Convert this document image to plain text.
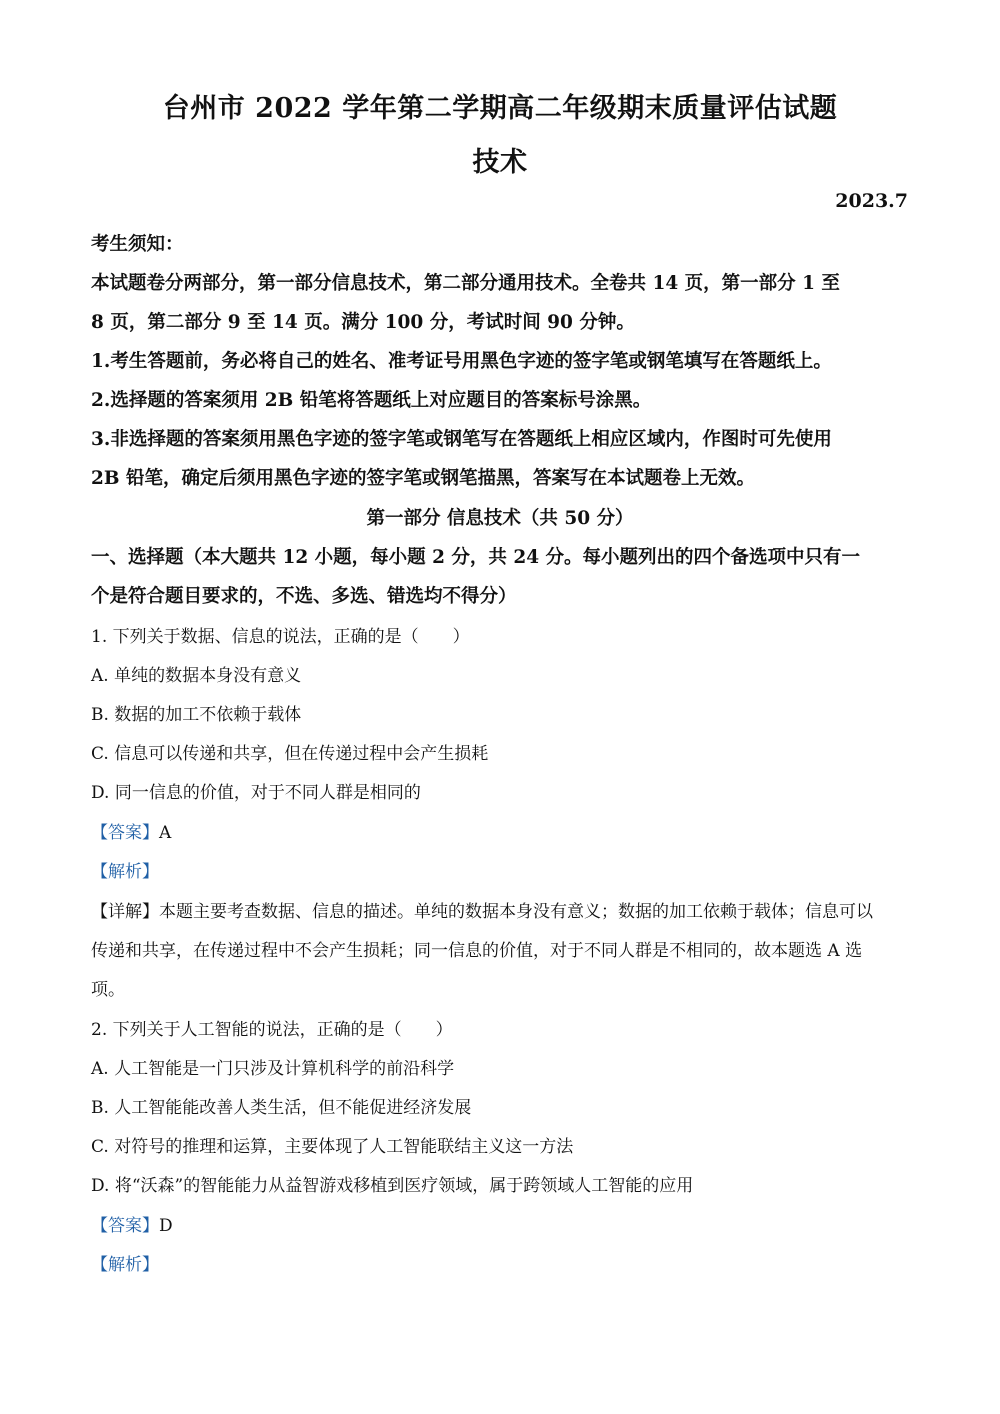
台州市 2022 学年第二学期高二年级期末质量评估试题
技术
2023.7
考生须知：
本试题卷分两部分，第一部分信息技术，第二部分通用技术。全卷共 14 页，第一部分 1 至
8 页，第二部分 9 至 14 页。满分 100 分，考试时间 90 分钟。
1.考生答题前，务必将自己的姓名、准考证号用黑色字迹的签字笔或钢笔填写在答题纸上。
2.选择题的答案须用 2B 铅笔将答题纸上对应题目的答案标号涂黑。
3.非选择题的答案须用黑色字迹的签字笔或钢笔写在答题纸上相应区域内，作图时可先使用
2B 铅笔，确定后须用黑色字迹的签字笔或钢笔描黑，答案写在本试题卷上无效。
第一部分 信息技术（共 50 分）
一、选择题（本大题共 12 小题，每小题 2 分，共 24 分。每小题列出的四个备选项中只有一
个是符合题目要求的，不选、多选、错选均不得分）
1. 下列关于数据、信息的说法，正确的是（　　）
A. 单纯的数据本身没有意义
B. 数据的加工不依赖于载体
C. 信息可以传递和共享，但在传递过程中会产生损耗
D. 同一信息的价值，对于不同人群是相同的
【答案】A
【解析】
【详解】本题主要考查数据、信息的描述。单纯的数据本身没有意义；数据的加工依赖于载体；信息可以
传递和共享，在传递过程中不会产生损耗；同一信息的价值，对于不同人群是不相同的，故本题选 A 选
项。
2. 下列关于人工智能的说法，正确的是（　　）
A. 人工智能是一门只涉及计算机科学的前沿科学
B. 人工智能能改善人类生活，但不能促进经济发展
C. 对符号的推理和运算，主要体现了人工智能联结主义这一方法
D. 将“沃森”的智能能力从益智游戏移植到医疗领域，属于跨领域人工智能的应用
【答案】D
【解析】
